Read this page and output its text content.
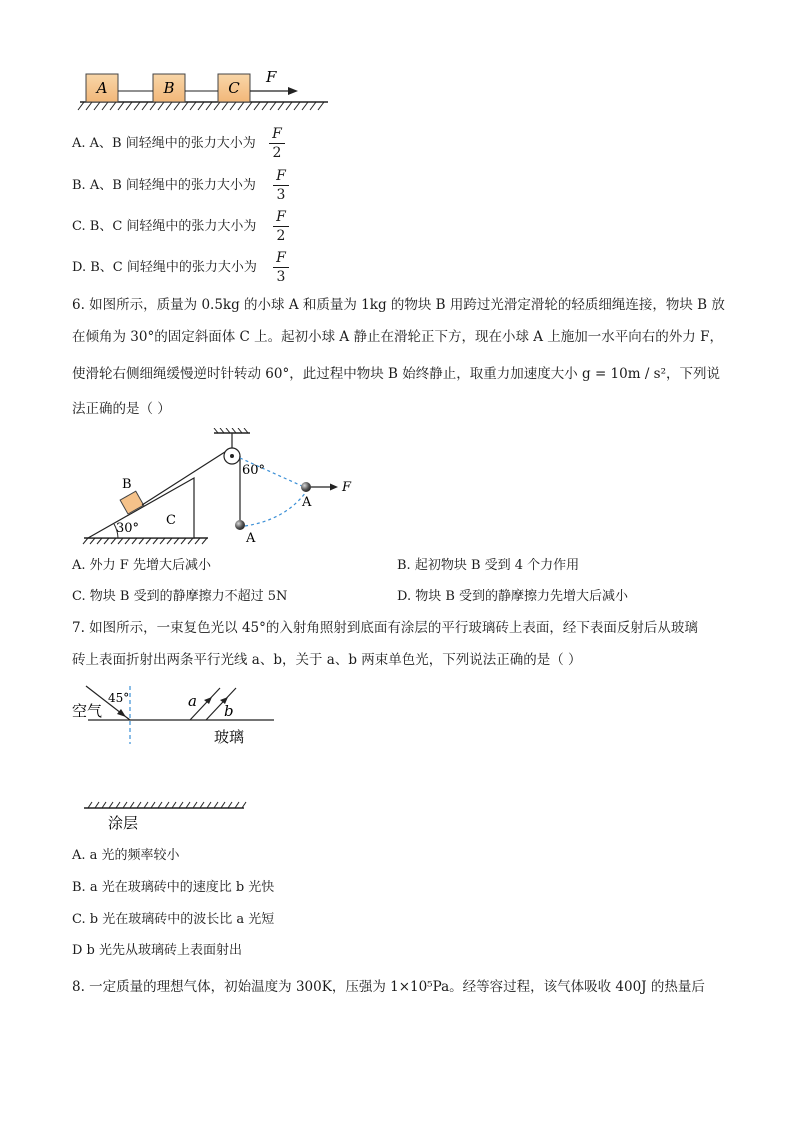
A	B	C
F
A. A、B 间轻绳中的张力大小为
F
2
B. A、B 间轻绳中的张力大小为
F
3
C. B、C 间轻绳中的张力大小为
F
2
D. B、C 间轻绳中的张力大小为
F
3
6. 如图所示，质量为 0.5kg 的小球 A 和质量为 1kg 的物块 B 用跨过光滑定滑轮的轻质细绳连接，物块 B 放
在倾角为 30°的固定斜面体 C 上。起初小球 A 静止在滑轮正下方，现在小球 A 上施加一水平向右的外力 F，
使滑轮右侧细绳缓慢逆时针转动 60°，此过程中物块 B 始终静止，取重力加速度大小 g = 10m / s²，下列说
法正确的是（ ）
30°
C
B
A
60°
A
F
A. 外力 F 先增大后减小	B. 起初物块 B 受到 4 个力作用
C. 物块 B 受到的静摩擦力不超过 5N	D. 物块 B 受到的静摩擦力先增大后减小
7. 如图所示，一束复色光以 45°的入射角照射到底面有涂层的平行玻璃砖上表面，经下表面反射后从玻璃
砖上表面折射出两条平行光线 a、b，关于 a、b 两束单色光，下列说法正确的是（ ）
45°
空气
玻璃
a
b
涂层
A. a 光的频率较小
B. a 光在玻璃砖中的速度比 b 光快
C. b 光在玻璃砖中的波长比 a 光短
D b 光先从玻璃砖上表面射出
8. 一定质量的理想气体，初始温度为 300K，压强为 1×10⁵Pa。经等容过程，该气体吸收 400J 的热量后
